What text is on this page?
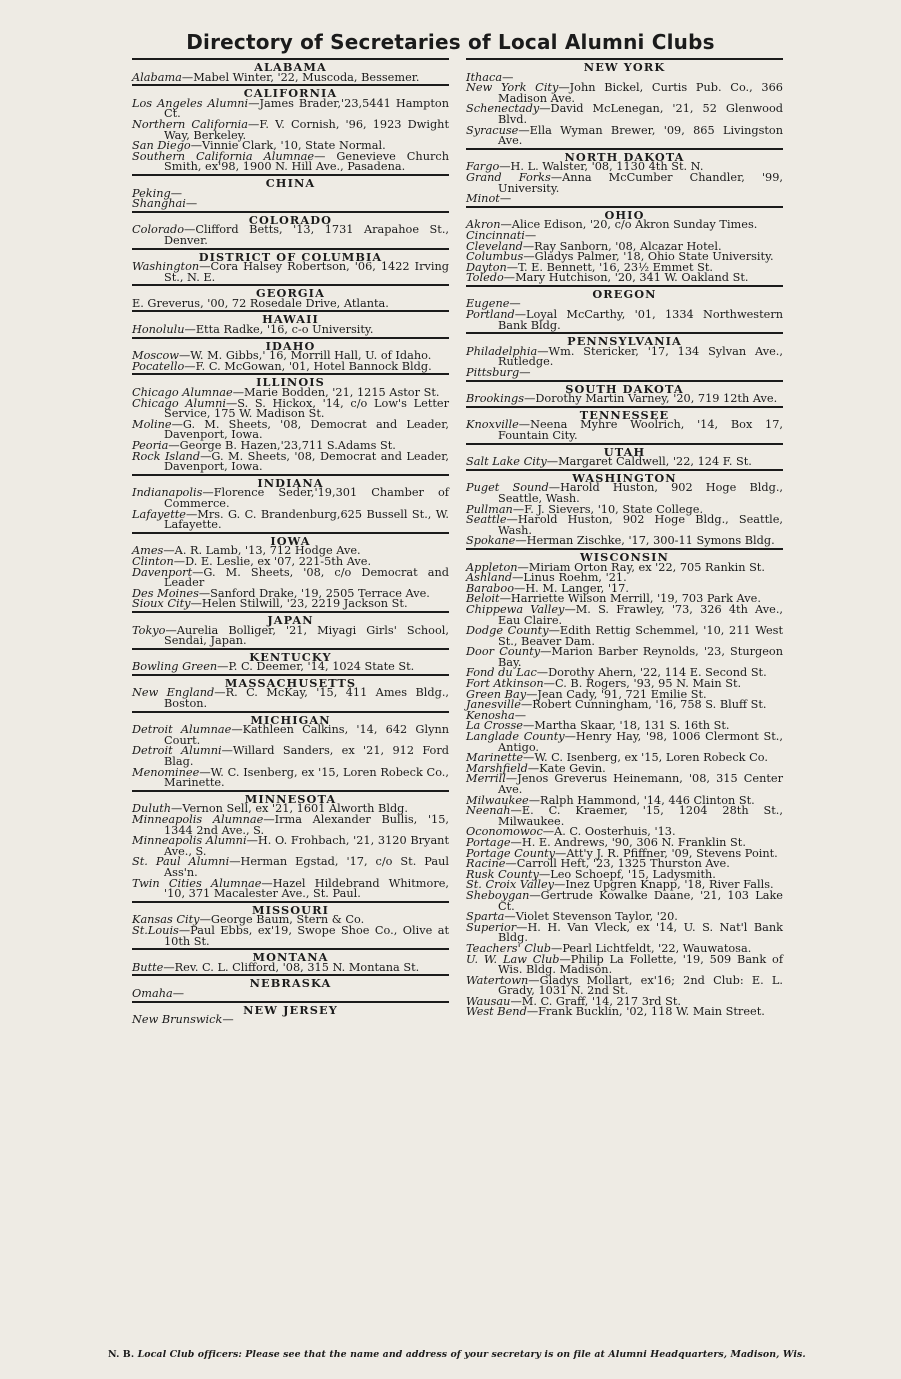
Directory of Secretaries of Local Alumni Clubs
ALABAMA
Alabama—Mabel Winter, '22, Muscoda, Bessemer.
CALIFORNIA
Los Angeles Alumni—James Brader,'23,5441 Hampton Ct.
Northern California—F. V. Cornish, '96, 1923 Dwight Way, Berkeley.
San Diego—Vinnie Clark, '10, State Normal.
Southern California Alumnae— Genevieve Church Smith, ex'98, 1900 N. Hill Ave., Pasadena.
CHINA
Peking—
Shanghai—
COLORADO
Colorado—Clifford Betts, '13, 1731 Arapahoe St., Denver.
DISTRICT OF COLUMBIA
Washington—Cora Halsey Robertson, '06, 1422 Irving St., N. E.
GEORGIA
E. Greverus, '00, 72 Rosedale Drive, Atlanta.
HAWAII
Honolulu—Etta Radke, '16, c-o University.
IDAHO
Moscow—W. M. Gibbs,' 16, Morrill Hall, U. of Idaho.
Pocatello—F. C. McGowan, '01, Hotel Bannock Bldg.
ILLINOIS
Chicago Alumnae—Marie Bodden, '21, 1215 Astor St.
Chicago Alumni—S. S. Hickox, '14, c/o Low's Letter Service, 175 W. Madison St.
Moline—G. M. Sheets, '08, Democrat and Leader, Davenport, Iowa.
Peoria—George B. Hazen,'23,711 S.Adams St.
Rock Island—G. M. Sheets, '08, Democrat and Leader, Davenport, Iowa.
INDIANA
Indianapolis—Florence Seder,'19,301 Chamber of Commerce.
Lafayette—Mrs. G. C. Brandenburg,625 Bussell St., W. Lafayette.
IOWA
Ames—A. R. Lamb, '13, 712 Hodge Ave.
Clinton—D. E. Leslie, ex '07, 221-5th Ave.
Davenport—G. M. Sheets, '08, c/o Democrat and Leader
Des Moines—Sanford Drake, '19, 2505 Terrace Ave.
Sioux City—Helen Stilwill, '23, 2219 Jackson St.
JAPAN
Tokyo—Aurelia Bolliger, '21, Miyagi Girls' School, Sendai, Japan.
KENTUCKY
Bowling Green—P. C. Deemer, '14, 1024 State St.
MASSACHUSETTS
New England—R. C. McKay, '15, 411 Ames Bldg., Boston.
MICHIGAN
Detroit Alumnae—Kathleen Calkins, '14, 642 Glynn Court.
Detroit Alumni—Willard Sanders, ex '21, 912 Ford Blag.
Menominee—W. C. Isenberg, ex '15, Loren Robeck Co., Marinette.
MINNESOTA
Duluth—Vernon Sell, ex '21, 1601 Alworth Bldg.
Minneapolis Alumnae—Irma Alexander Bullis, '15, 1344 2nd Ave., S.
Minneapolis Alumni—H. O. Frohbach, '21, 3120 Bryant Ave., S.
St. Paul Alumni—Herman Egstad, '17, c/o St. Paul Ass'n.
Twin Cities Alumnae—Hazel Hildebrand Whitmore, '10, 371 Macalester Ave., St. Paul.
MISSOURI
Kansas City—George Baum, Stern & Co.
St.Louis—Paul Ebbs, ex'19, Swope Shoe Co., Olive at 10th St.
MONTANA
Butte—Rev. C. L. Clifford, '08, 315 N. Montana St.
NEBRASKA
Omaha—
NEW JERSEY
New Brunswick—
NEW YORK
Ithaca—
New York City—John Bickel, Curtis Pub. Co., 366 Madison Ave.
Schenectady—David McLenegan, '21, 52 Glenwood Blvd.
Syracuse—Ella Wyman Brewer, '09, 865 Livingston Ave.
NORTH DAKOTA
Fargo—H. L. Walster, '08, 1130 4th St. N.
Grand Forks—Anna McCumber Chandler, '99, University.
Minot—
OHIO
Akron—Alice Edison, '20, c/o Akron Sunday Times.
Cincinnati—
Cleveland—Ray Sanborn, '08, Alcazar Hotel.
Columbus—Gladys Palmer, '18, Ohio State University.
Dayton—T. E. Bennett, '16, 23½ Emmet St.
Toledo—Mary Hutchison, '20, 341 W. Oakland St.
OREGON
Eugene—
Portland—Loyal McCarthy, '01, 1334 Northwestern Bank Bldg.
PENNSYLVANIA
Philadelphia—Wm. Stericker, '17, 134 Sylvan Ave., Rutledge.
Pittsburg—
SOUTH DAKOTA
Brookings—Dorothy Martin Varney, '20, 719 12th Ave.
TENNESSEE
Knoxville—Neena Myhre Woolrich, '14, Box 17, Fountain City.
UTAH
Salt Lake City—Margaret Caldwell, '22, 124 F. St.
WASHINGTON
Puget Sound—Harold Huston, 902 Hoge Bldg., Seattle, Wash.
Pullman—F. J. Sievers, '10, State College.
Seattle—Harold Huston, 902 Hoge Bldg., Seattle, Wash.
Spokane—Herman Zischke, '17, 300-11 Symons Bldg.
WISCONSIN
Appleton—Miriam Orton Ray, ex '22, 705 Rankin St.
Ashland—Linus Roehm, '21.
Baraboo—H. M. Langer, '17.
Beloit—Harriette Wilson Merrill, '19, 703 Park Ave.
Chippewa Valley—M. S. Frawley, '73, 326 4th Ave., Eau Claire.
Dodge County—Edith Rettig Schemmel, '10, 211 West St., Beaver Dam.
Door County—Marion Barber Reynolds, '23, Sturgeon Bay.
Fond du Lac—Dorothy Ahern, '22, 114 E. Second St.
Fort Atkinson—C. B. Rogers, '93, 95 N. Main St.
Green Bay—Jean Cady, '91, 721 Emilie St.
Janesville—Robert Cunningham, '16, 758 S. Bluff St.
Kenosha—
La Crosse—Martha Skaar, '18, 131 S. 16th St.
Langlade County—Henry Hay, '98, 1006 Clermont St., Antigo.
Marinette—W. C. Isenberg, ex '15, Loren Robeck Co.
Marshfield—Kate Gevin.
Merrill—Jenos Greverus Heinemann, '08, 315 Center Ave.
Milwaukee—Ralph Hammond, '14, 446 Clinton St.
Neenah—E. C. Kraemer, '15, 1204 28th St., Milwaukee.
Oconomowoc—A. C. Oosterhuis, '13.
Portage—H. E. Andrews, '90, 306 N. Franklin St.
Portage County—Att'y J. R. Pfiffner, '09, Stevens Point.
Racine—Carroll Heft, '23, 1325 Thurston Ave.
Rusk County—Leo Schoepf, '15, Ladysmith.
St. Croix Valley—Inez Upgren Knapp, '18, River Falls.
Sheboygan—Gertrude Kowalke Daane, '21, 103 Lake Ct.
Sparta—Violet Stevenson Taylor, '20.
Superior—H. H. Van Vleck, ex '14, U. S. Nat'l Bank Bldg.
Teachers' Club—Pearl Lichtfeldt, '22, Wauwatosa.
U. W. Law Club—Philip La Follette, '19, 509 Bank of Wis. Bldg. Madison.
Watertown—Gladys Mollart, ex'16; 2nd Club: E. L. Grady, 1031 N. 2nd St.
Wausau—M. C. Graff, '14, 217 3rd St.
West Bend—Frank Bucklin, '02, 118 W. Main Street.
N. B. Local Club officers: Please see that the name and address of your secretary is on file at Alumni Headquarters, Madison, Wis.
